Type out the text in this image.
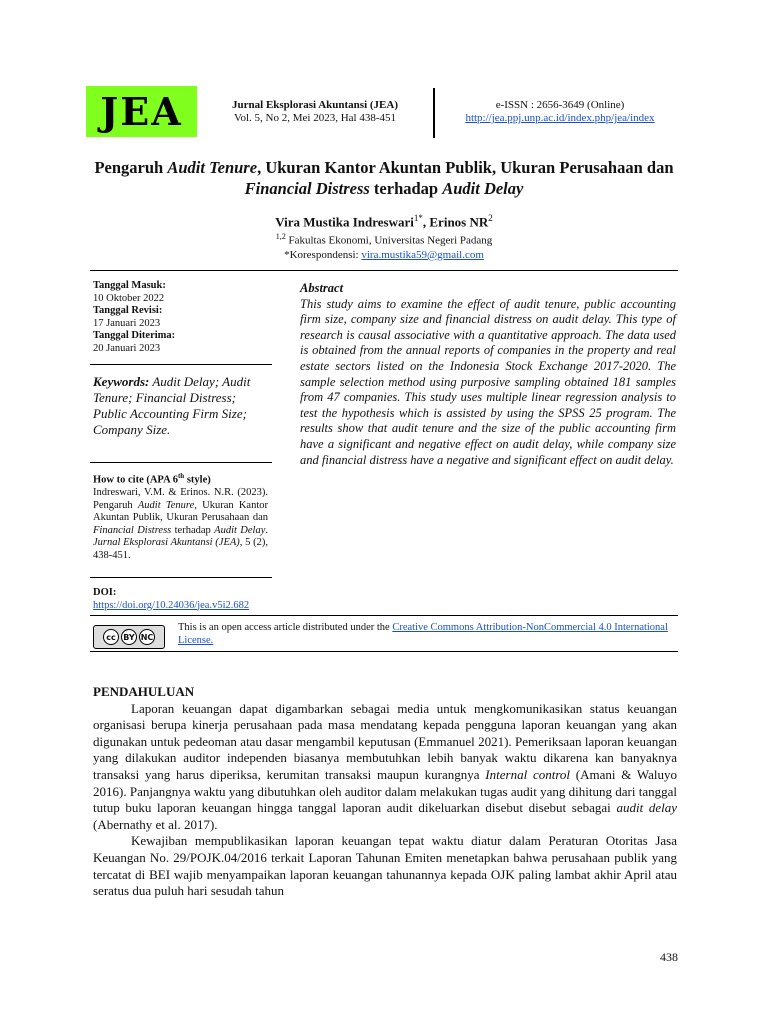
JEA	Jurnal Eksplorasi Akuntansi (JEA)
Vol. 5, No 2, Mei 2023, Hal 438-451
e-ISSN : 2656-3649 (Online)
http://jea.ppj.unp.ac.id/index.php/jea/index
Pengaruh Audit Tenure, Ukuran Kantor Akuntan Publik, Ukuran Perusahaan dan Financial Distress terhadap Audit Delay
Vira Mustika Indreswari$^{1*}$, Erinos $NR^2$
$^{1,2}$ Fakultas Ekonomi, Universitas Negeri Padang
*Korespondensi: vira.mustika59@gmail.com
Tanggal Masuk:
10 Oktober 2022
Tanggal Revisi:
17 Januari 2023
Tanggal Diterima:
20 Januari 2023
Keywords: Audit Delay; Audit Tenure; Financial Distress; Public Accounting Firm Size; Company Size.
How to cite (APA 6th style)
Indreswari, V.M. & Erinos. N.R. (2023). Pengaruh Audit Tenure, Ukuran Kantor Akuntan Publik, Ukuran Perusahaan dan Financial Distress terhadap Audit Delay. Jurnal Eksplorasi Akuntansi (JEA), 5 (2), 438-451.
DOI:
https://doi.org/10.24036/jea.v5i2.682
Abstract
This study aims to examine the effect of audit tenure, public accounting firm size, company size and financial distress on audit delay. This type of research is causal associative with a quantitative approach. The data used is obtained from the annual reports of companies in the property and real estate sectors listed on the Indonesia Stock Exchange 2017-2020. The sample selection method using purposive sampling obtained 181 samples from 47 companies. This study uses multiple linear regression analysis to test the hypothesis which is assisted by using the SPSS 25 program. The results show that audit tenure and the size of the public accounting firm have a significant and negative effect on audit delay, while company size and financial distress have a negative and significant effect on audit delay.
cc BY NC
This is an open access article distributed under the Creative Commons Attribution-NonCommercial 4.0 International License.
PENDAHULUAN

Laporan keuangan dapat digambarkan sebagai media untuk mengkomunikasikan status keuangan organisasi berupa kinerja perusahaan pada masa mendatang kepada pengguna laporan keuangan yang akan digunakan untuk pedeoman atau dasar mengambil keputusan (Emmanuel 2021). Pemeriksaan laporan keuangan yang dilakukan auditor independen biasanya membutuhkan lebih banyak waktu dikarena kan banyaknya transaksi yang harus diperiksa, kerumitan transaksi maupun kurangnya Internal control (Amani & Waluyo 2016). Panjangnya waktu yang dibutuhkan oleh auditor dalam melakukan tugas audit yang dihitung dari tanggal tutup buku laporan keuangan hingga tanggal laporan audit dikeluarkan disebut disebut sebagai audit delay (Abernathy et al. 2017).

Kewajiban mempublikasikan laporan keuangan tepat waktu diatur dalam Peraturan Otoritas Jasa Keuangan No. 29/POJK.04/2016 terkait Laporan Tahunan Emiten menetapkan bahwa perusahaan publik yang tercatat di BEI wajib menyampaikan laporan keuangan tahunannya kepada OJK paling lambat akhir April atau seratus dua puluh hari sesudah tahun

438
